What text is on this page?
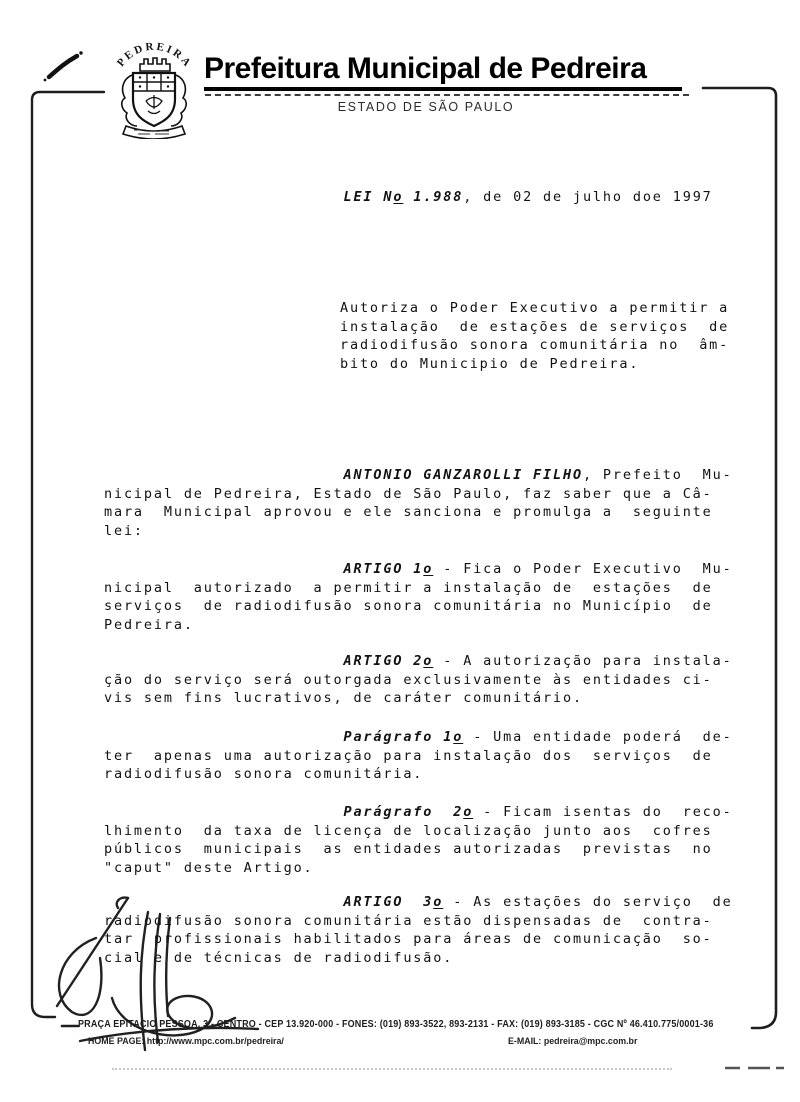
PEDREIRA Prefeitura Municipal de Pedreira
ESTADO DE SÃO PAULO
LEI No 1.988, de 02 de julho doe 1997
Autoriza o Poder Executivo a permitir a
instalação  de estações de serviços  de
radiodifusão sonora comunitária no  âm-
bito do Municipio de Pedreira.
ANTONIO GANZAROLLI FILHO, Prefeito  Mu-
nicipal de Pedreira, Estado de São Paulo, faz saber que a Câ-
mara  Municipal aprovou e ele sanciona e promulga a  seguinte
lei:
ARTIGO 1o - Fica o Poder Executivo  Mu-
nicipal  autorizado  a permitir a instalação de  estações  de
serviços  de radiodifusão sonora comunitária no Município  de
Pedreira.
ARTIGO 2o - A autorização para instala-
ção do serviço será outorgada exclusivamente às entidades ci-
vis sem fins lucrativos, de caráter comunitário.
Parágrafo 1o - Uma entidade poderá  de-
ter  apenas uma autorização para instalação dos  serviços  de
radiodifusão sonora comunitária.
Parágrafo  2o - Ficam isentas do  reco-
lhimento  da taxa de licença de localização junto aos  cofres
públicos  municipais  as entidades autorizadas  previstas  no
"caput" deste Artigo.
ARTIGO  3o - As estações do serviço  de
radiodifusão sonora comunitária estão dispensadas de  contra-
tar  profissionais habilitados para áreas de comunicação  so-
cial e de técnicas de radiodifusão.
PRAÇA EPITACIO PESSOA, 3 - CENTRO - CEP 13.920-000 - FONES: (019) 893-3522, 893-2131 - FAX: (019) 893-3185 - CGC Nº 46.410.775/0001-36
HOME PAGE: http://www.mpc.com.br/pedreira/	E-MAIL: pedreira@mpc.com.br
